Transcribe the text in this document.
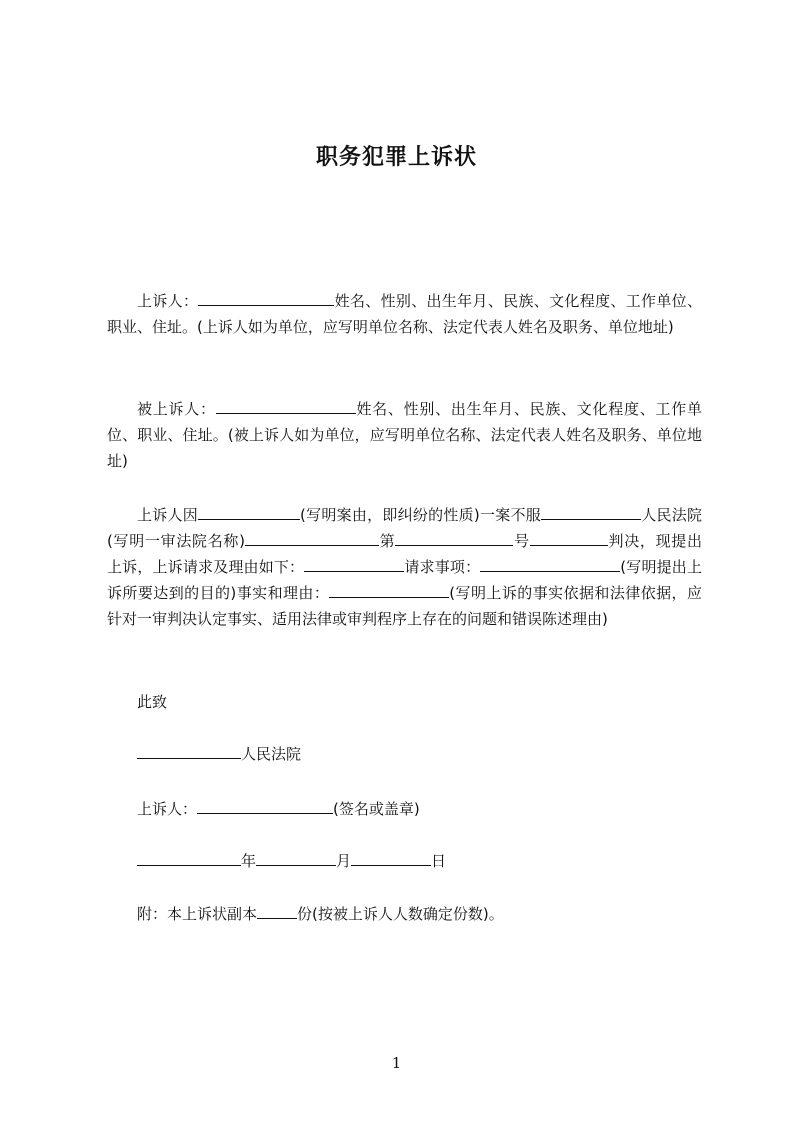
职务犯罪上诉状

上诉人：	姓名、性别、出生年月、民族、文化程度、工作单位、职业、住址。(上诉人如为单位，应写明单位名称、法定代表人姓名及职务、单位地址)

被上诉人：	姓名、性别、出生年月、民族、文化程度、工作单位、职业、住址。(被上诉人如为单位，应写明单位名称、法定代表人姓名及职务、单位地址)

上诉人因	(写明案由，即纠纷的性质)一案不服	人民法院(写明一审法院名称)	第	号	判决，现提出上诉，上诉请求及理由如下：	请求事项：	(写明提出上诉所要达到的目的)事实和理由：	(写明上诉的事实依据和法律依据，应针对一审判决认定事实、适用法律或审判程序上存在的问题和错误陈述理由)

此致
人民法院
上诉人：	(签名或盖章)
年	月	日
附：本上诉状副本	份(按被上诉人人数确定份数)。
1
